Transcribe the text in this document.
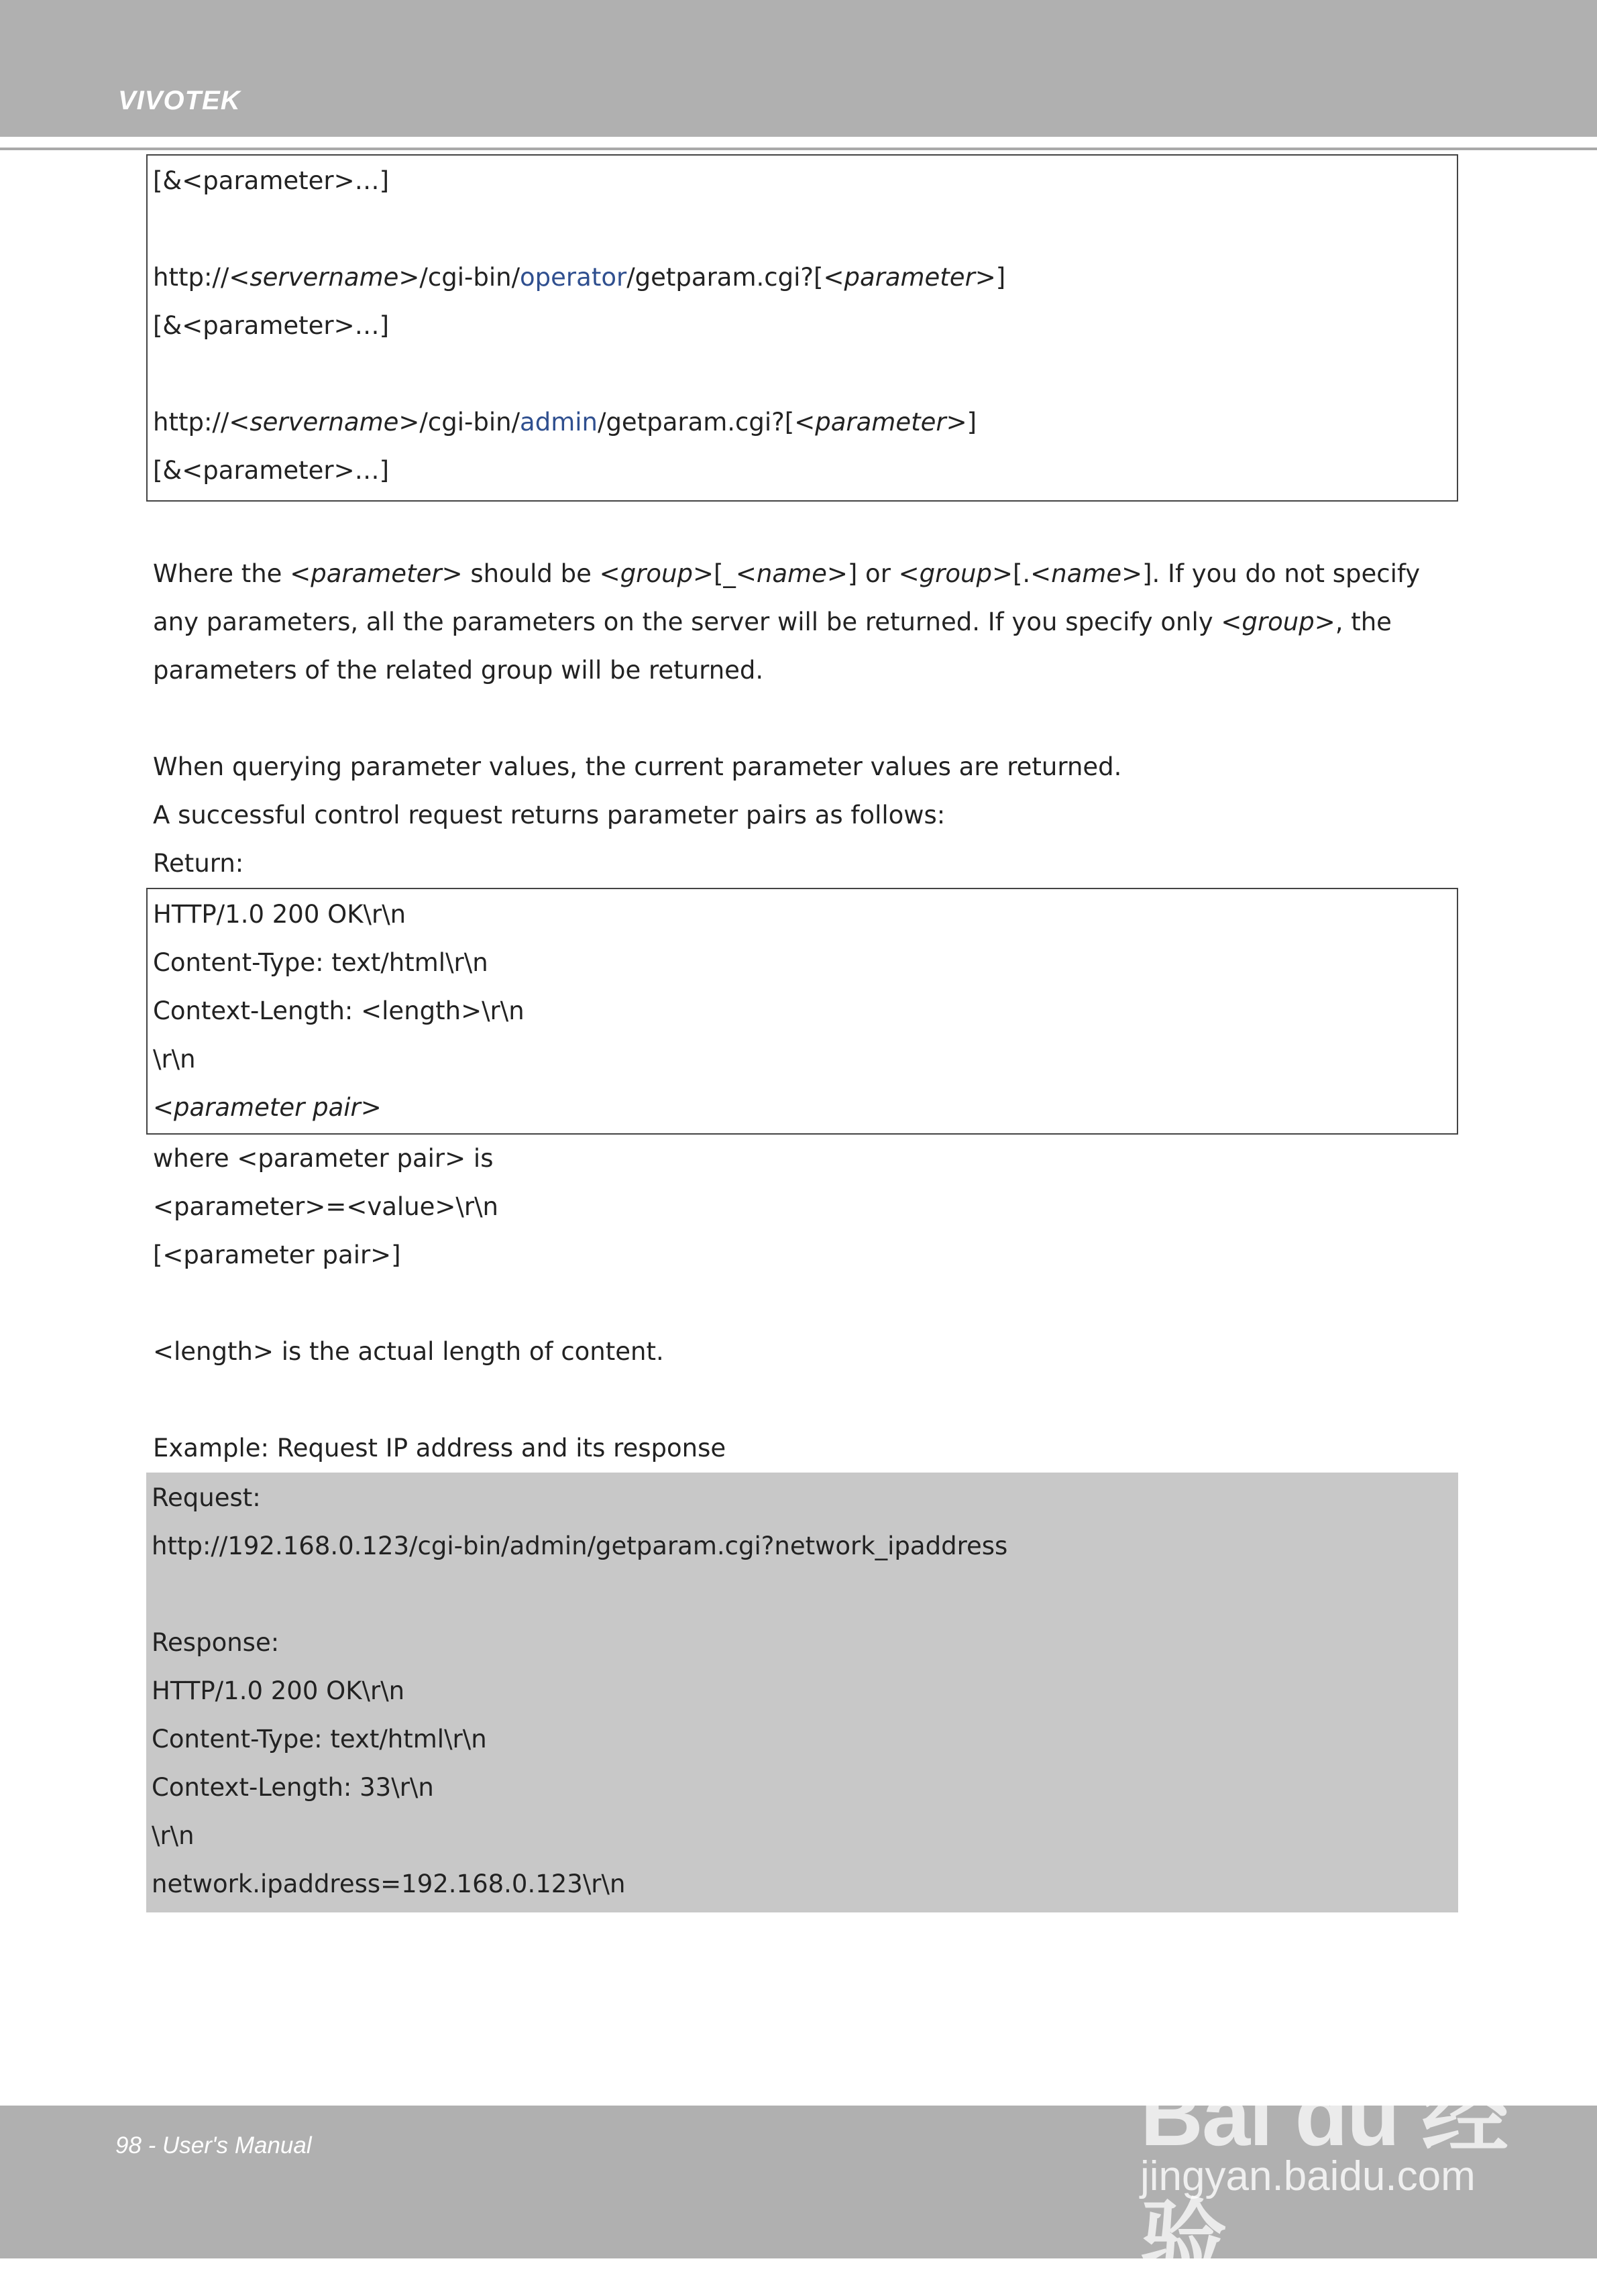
VIVOTEK
[&<parameter>…]
http://<servername>/cgi-bin/operator/getparam.cgi?[<parameter>]
[&<parameter>…]
http://<servername>/cgi-bin/admin/getparam.cgi?[<parameter>]
[&<parameter>…]
Where the <parameter> should be <group>[_<name>] or <group>[.<name>]. If you do not specify any parameters, all the parameters on the server will be returned. If you specify only <group>, the parameters of the related group will be returned.
When querying parameter values, the current parameter values are returned.
A successful control request returns parameter pairs as follows:
Return:
HTTP/1.0 200 OK\r\n
Content-Type: text/html\r\n
Context-Length: <length>\r\n
\r\n
<parameter pair>
where <parameter pair> is
<parameter>=<value>\r\n
[<parameter pair>]
<length> is the actual length of content.
Example: Request IP address and its response
Request:
http://192.168.0.123/cgi-bin/admin/getparam.cgi?network_ipaddress
Response:
HTTP/1.0 200 OK\r\n
Content-Type: text/html\r\n
Context-Length: 33\r\n
\r\n
network.ipaddress=192.168.0.123\r\n
98 - User's Manual	Bai du 经验
jingyan.baidu.com
